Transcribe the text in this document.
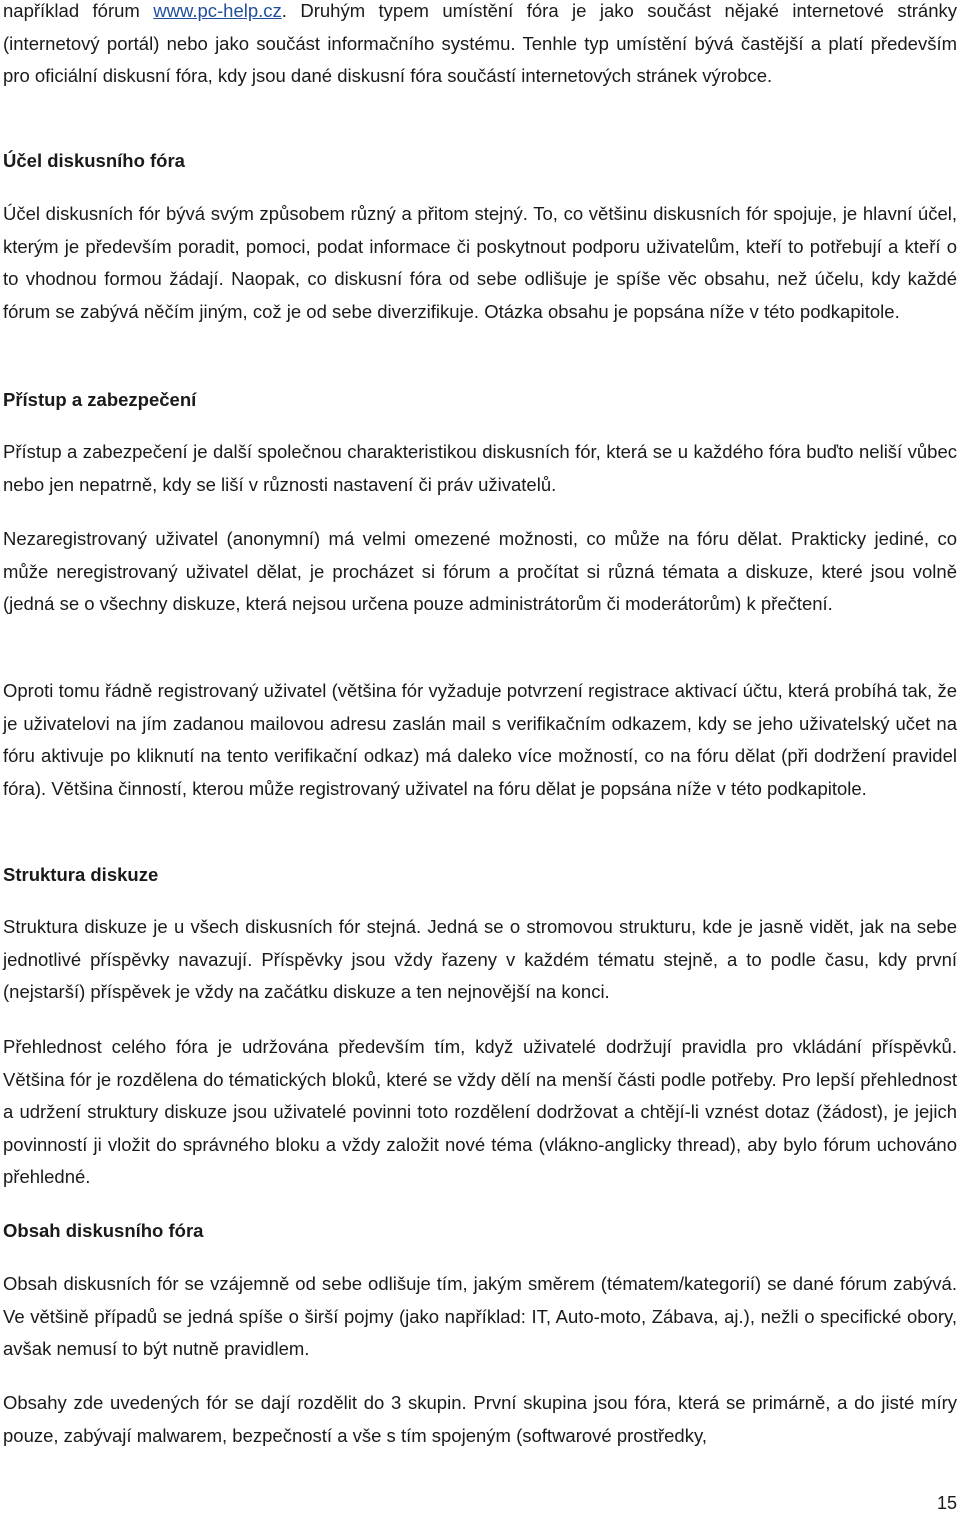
například fórum www.pc-help.cz. Druhým typem umístění fóra je jako součást nějaké internetové stránky (internetový portál) nebo jako součást informačního systému. Tenhle typ umístění bývá častější a platí především pro oficiální diskusní fóra, kdy jsou dané diskusní fóra součástí internetových stránek výrobce.

Účel diskusního fóra

Účel diskusních fór bývá svým způsobem různý a přitom stejný. To, co většinu diskusních fór spojuje, je hlavní účel, kterým je především poradit, pomoci, podat informace či poskytnout podporu uživatelům, kteří to potřebují a kteří o to vhodnou formou žádají. Naopak, co diskusní fóra od sebe odlišuje je spíše věc obsahu, než účelu, kdy každé fórum se zabývá něčím jiným, což je od sebe diverzifikuje. Otázka obsahu je popsána níže v této podkapitole.

Přístup a zabezpečení

Přístup a zabezpečení je další společnou charakteristikou diskusních fór, která se u každého fóra buďto neliší vůbec nebo jen nepatrně, kdy se liší v různosti nastavení či práv uživatelů.

Nezaregistrovaný uživatel (anonymní) má velmi omezené možnosti, co může na fóru dělat. Prakticky jediné, co může neregistrovaný uživatel dělat, je procházet si fórum a pročítat si různá témata a diskuze, které jsou volně (jedná se o všechny diskuze, která nejsou určena pouze administrátorům či moderátorům) k přečtení.

Oproti tomu řádně registrovaný uživatel (většina fór vyžaduje potvrzení registrace aktivací účtu, která probíhá tak, že je uživatelovi na jím zadanou mailovou adresu zaslán mail s verifikačním odkazem, kdy se jeho uživatelský učet na fóru aktivuje po kliknutí na tento verifikační odkaz) má daleko více možností, co na fóru dělat (při dodržení pravidel fóra). Většina činností, kterou může registrovaný uživatel na fóru dělat je popsána níže v této podkapitole.

Struktura diskuze

Struktura diskuze je u všech diskusních fór stejná. Jedná se o stromovou strukturu, kde je jasně vidět, jak na sebe jednotlivé příspěvky navazují. Příspěvky jsou vždy řazeny v každém tématu stejně, a to podle času, kdy první (nejstarší) příspěvek je vždy na začátku diskuze a ten nejnovější na konci.

Přehlednost celého fóra je udržována především tím, když uživatelé dodržují pravidla pro vkládání příspěvků. Většina fór je rozdělena do tématických bloků, které se vždy dělí na menší části podle potřeby. Pro lepší přehlednost a udržení struktury diskuze jsou uživatelé povinni toto rozdělení dodržovat a chtějí-li vznést dotaz (žádost), je jejich povinností ji vložit do správného bloku a vždy založit nové téma (vlákno-anglicky thread), aby bylo fórum uchováno přehledné.

Obsah diskusního fóra

Obsah diskusních fór se vzájemně od sebe odlišuje tím, jakým směrem (tématem/kategorií) se dané fórum zabývá. Ve většině případů se jedná spíše o širší pojmy (jako například: IT, Auto-moto, Zábava, aj.), nežli o specifické obory, avšak nemusí to být nutně pravidlem.

Obsahy zde uvedených fór se dají rozdělit do 3 skupin. První skupina jsou fóra, která se primárně, a do jisté míry pouze, zabývají malwarem, bezpečností a vše s tím spojeným (softwarové prostředky,

15
